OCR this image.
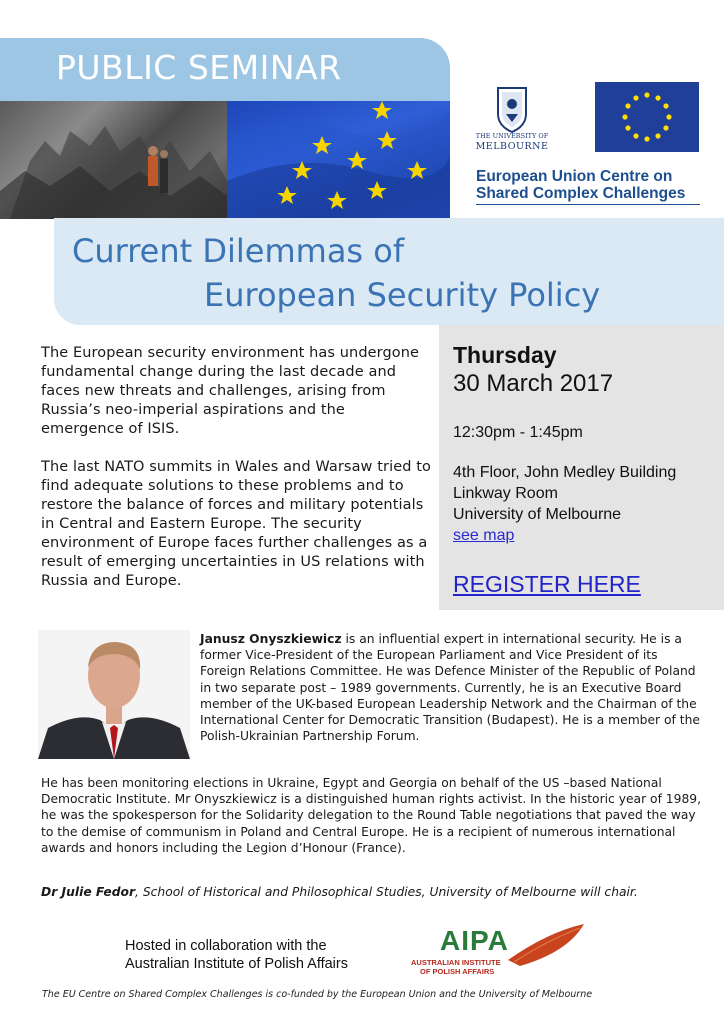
PUBLIC SEMINAR
THE UNIVERSITY OF
MELBOURNE
European Union Centre on
Shared Complex Challenges
Current Dilemmas of
European Security Policy

The European security environment has undergone fundamental change during the last decade and faces new threats and challenges, arising from Russia’s neo-imperial aspirations and the emergence of ISIS.

The last NATO summits in Wales and Warsaw tried to find adequate solutions to these problems and to restore the balance of forces and military potentials in Central and Eastern Europe. The security environment of Europe faces further challenges as a result of emerging uncertainties in US relations with Russia and Europe.

Thursday
30 March 2017
12:30pm - 1:45pm
4th Floor, John Medley Building
Linkway Room
University of Melbourne
see map
REGISTER HERE

Janusz Onyszkiewicz is an influential expert in international security. He is a former Vice-President of the European Parliament and Vice President of its Foreign Relations Committee. He was Defence Minister of the Republic of Poland in two separate post – 1989 governments. Currently, he is an Executive Board member of the UK-based European Leadership Network and the Chairman of the International Center for Democratic Transition (Budapest). He is a member of the Polish-Ukrainian Partnership Forum.

He has been monitoring elections in Ukraine, Egypt and Georgia on behalf of the US –based National Democratic Institute. Mr Onyszkiewicz is a distinguished human rights activist. In the historic year of 1989, he was the spokesperson for the Solidarity delegation to the Round Table negotiations that paved the way to the demise of communism in Poland and Central Europe. He is a recipient of numerous international awards and honors including the Legion d’Honour (France).

Dr Julie Fedor, School of Historical and Philosophical Studies, University of Melbourne will chair.

Hosted in collaboration with the
Australian Institute of Polish Affairs
AIPA
AUSTRALIAN INSTITUTE
OF POLISH AFFAIRS
The EU Centre on Shared Complex Challenges is co-funded by the European Union and the University of Melbourne
